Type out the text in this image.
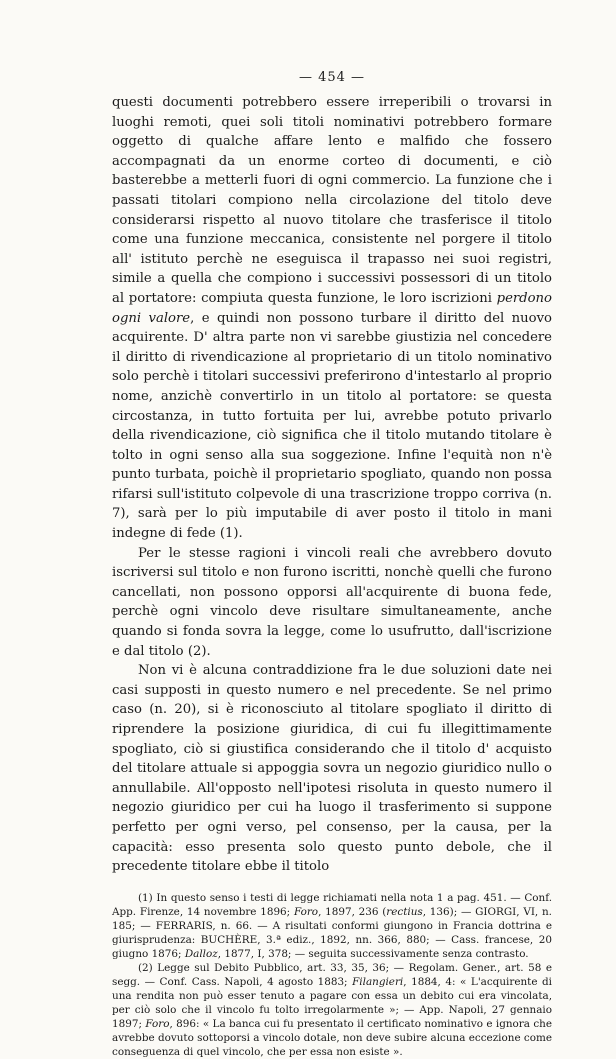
— 454 —

questi documenti potrebbero essere irreperibili o trovarsi in luoghi remoti, quei soli titoli nominativi potrebbero formare oggetto di qualche affare lento e malfido che fossero accompagnati da un enorme corteo di documenti, e ciò basterebbe a metterli fuori di ogni commercio. La funzione che i passati titolari compiono nella circolazione del titolo deve considerarsi rispetto al nuovo titolare che trasferisce il titolo come una funzione meccanica, consistente nel porgere il titolo all' istituto perchè ne eseguisca il trapasso nei suoi registri, simile a quella che compiono i successivi possessori di un titolo al portatore: compiuta questa funzione, le loro iscrizioni perdono ogni valore, e quindi non possono turbare il diritto del nuovo acquirente. D' altra parte non vi sarebbe giustizia nel concedere il diritto di rivendicazione al proprietario di un titolo nominativo solo perchè i titolari successivi preferirono d'intestarlo al proprio nome, anzichè convertirlo in un titolo al portatore: se questa circostanza, in tutto fortuita per lui, avrebbe potuto privarlo della rivendicazione, ciò significa che il titolo mutando titolare è tolto in ogni senso alla sua soggezione. Infine l'equità non n'è punto turbata, poichè il proprietario spogliato, quando non possa rifarsi sull'istituto colpevole di una trascrizione troppo corriva (n. 7), sarà per lo più imputabile di aver posto il titolo in mani indegne di fede (1).

Per le stesse ragioni i vincoli reali che avrebbero dovuto iscriversi sul titolo e non furono iscritti, nonchè quelli che furono cancellati, non possono opporsi all'acquirente di buona fede, perchè ogni vincolo deve risultare simultaneamente, anche quando si fonda sovra la legge, come lo usufrutto, dall'iscrizione e dal titolo (2).

Non vi è alcuna contraddizione fra le due soluzioni date nei casi supposti in questo numero e nel precedente. Se nel primo caso (n. 20), si è riconosciuto al titolare spogliato il diritto di riprendere la posizione giuridica, di cui fu illegittimamente spogliato, ciò si giustifica considerando che il titolo d' acquisto del titolare attuale si appoggia sovra un negozio giuridico nullo o annullabile. All'opposto nell'ipotesi risoluta in questo numero il negozio giuridico per cui ha luogo il trasferimento si suppone perfetto per ogni verso, pel consenso, per la causa, per la capacità: esso presenta solo questo punto debole, che il precedente titolare ebbe il titolo

(1) In questo senso i testi di legge richiamati nella nota 1 a pag. 451. — Conf. App. Firenze, 14 novembre 1896; Foro, 1897, 236 (rectius, 136); — GIORGI, VI, n. 185; — FERRARIS, n. 66. — A risultati conformi giungono in Francia dottrina e giurisprudenza: BUCHÈRE, 3.ª ediz., 1892, nn. 366, 880; — Cass. francese, 20 giugno 1876; Dalloz, 1877, I, 378; — seguita successivamente senza contrasto.

(2) Legge sul Debito Pubblico, art. 33, 35, 36; — Regolam. Gener., art. 58 e segg. — Conf. Cass. Napoli, 4 agosto 1883; Filangieri, 1884, 4: « L'acquirente di una rendita non può esser tenuto a pagare con essa un debito cui era vincolata, per ciò solo che il vincolo fu tolto irregolarmente »; — App. Napoli, 27 gennaio 1897; Foro, 896: « La banca cui fu presentato il certificato nominativo e ignora che avrebbe dovuto sottoporsi a vincolo dotale, non deve subire alcuna eccezione come conseguenza di quel vincolo, che per essa non esiste ».
